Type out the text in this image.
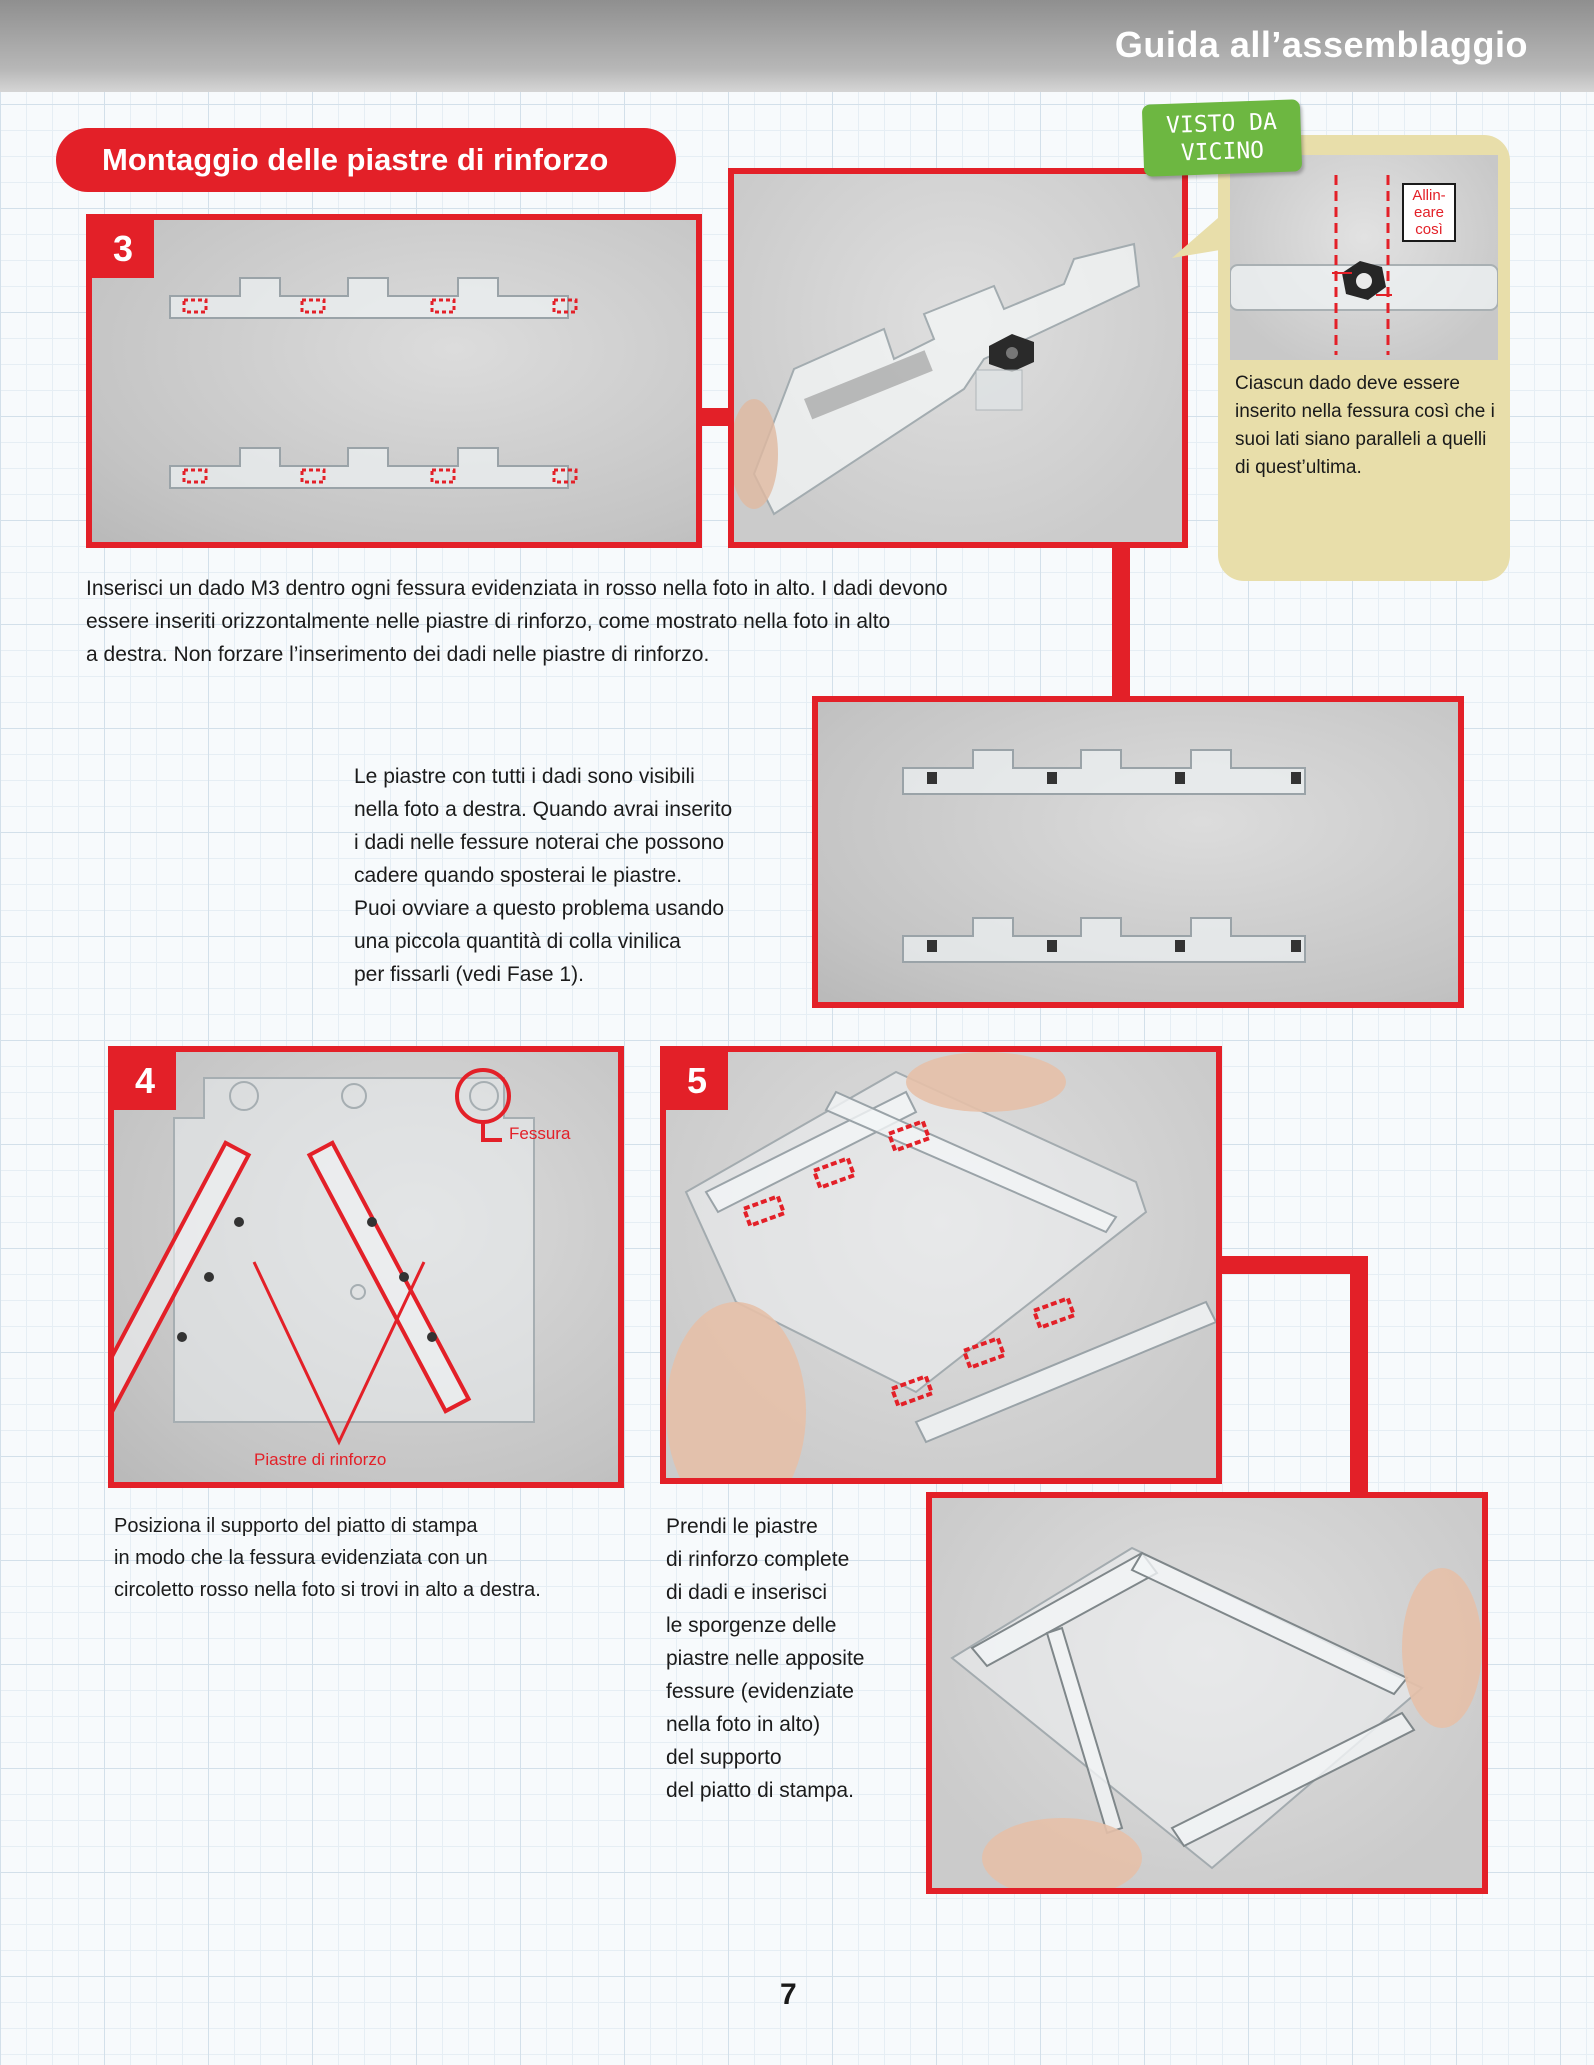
Guida all’assemblaggio
Montaggio delle piastre di rinforzo
3
Allin-
eare
così
Ciascun dado deve essere inserito nella fessura così che i suoi lati siano paralleli a quelli di quest’ultima.
VISTO DA
VICINO
Inserisci un dado M3 dentro ogni fessura evidenziata in rosso nella foto in alto. I dadi devono
essere inseriti orizzontalmente nelle piastre di rinforzo, come mostrato nella foto in alto
a destra. Non forzare l’inserimento dei dadi nelle piastre di rinforzo.
Le piastre con tutti i dadi sono visibili
nella foto a destra. Quando avrai inserito
i dadi nelle fessure noterai che possono
cadere quando sposterai le piastre.
Puoi ovviare a questo problema usando
una piccola quantità di colla vinilica
per fissarli (vedi Fase 1).
4
Fessura
Piastre di rinforzo
Posiziona il supporto del piatto di stampa
in modo che la fessura evidenziata con un
circoletto rosso nella foto si trovi in alto a destra.
5
Prendi le piastre
di rinforzo complete
di dadi e inserisci
le sporgenze delle
piastre nelle apposite
fessure (evidenziate
nella foto in alto)
del supporto
del piatto di stampa.
7
